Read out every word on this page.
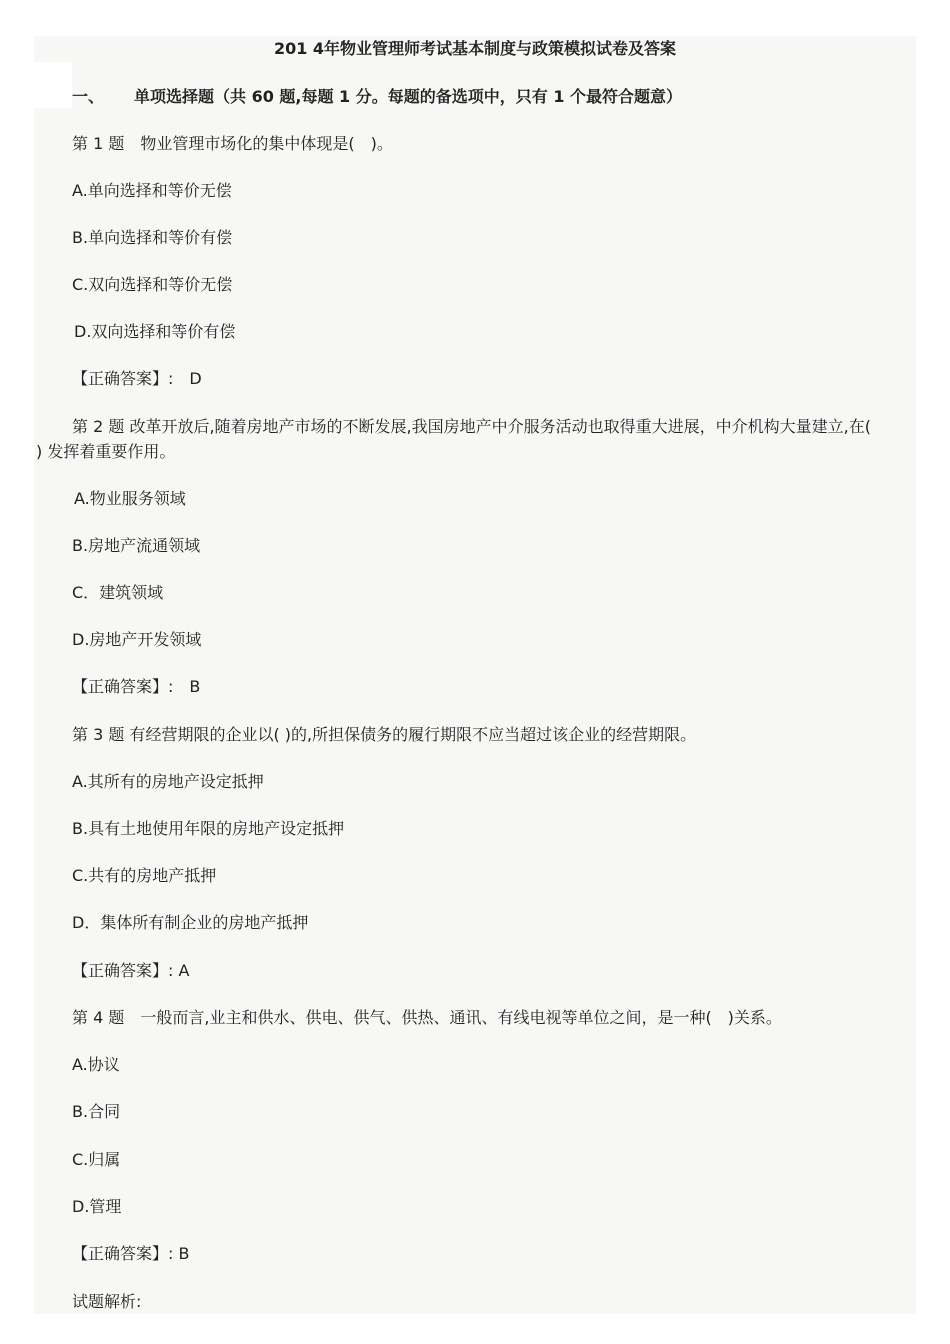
201 4年物业管理师考试基本制度与政策模拟试卷及答案
一、 单项选择题（共 60 题,每题 1 分。每题的备选项中，只有 1 个最符合题意）
第 1 题　物业管理市场化的集中体现是(　)。
A.单向选择和等价无偿
B.单向选择和等价有偿
C.双向选择和等价无偿
D.双向选择和等价有偿
【正确答案】:　D
第 2 题 改革开放后,随着房地产市场的不断发展,我国房地产中介服务活动也取得重大进展，中介机构大量建立,在(
) 发挥着重要作用。
A.物业服务领域
B.房地产流通领域
C．建筑领域
D.房地产开发领域
【正确答案】:　B
第 3 题 有经营期限的企业以( )的,所担保债务的履行期限不应当超过该企业的经营期限。
A.其所有的房地产设定抵押
B.具有土地使用年限的房地产设定抵押
C.共有的房地产抵押
D．集体所有制企业的房地产抵押
【正确答案】: A
第 4 题　一般而言,业主和供水、供电、供气、供热、通讯、有线电视等单位之间，是一种(　)关系。
A.协议
B.合同
C.归属
D.管理
【正确答案】: B
试题解析:
